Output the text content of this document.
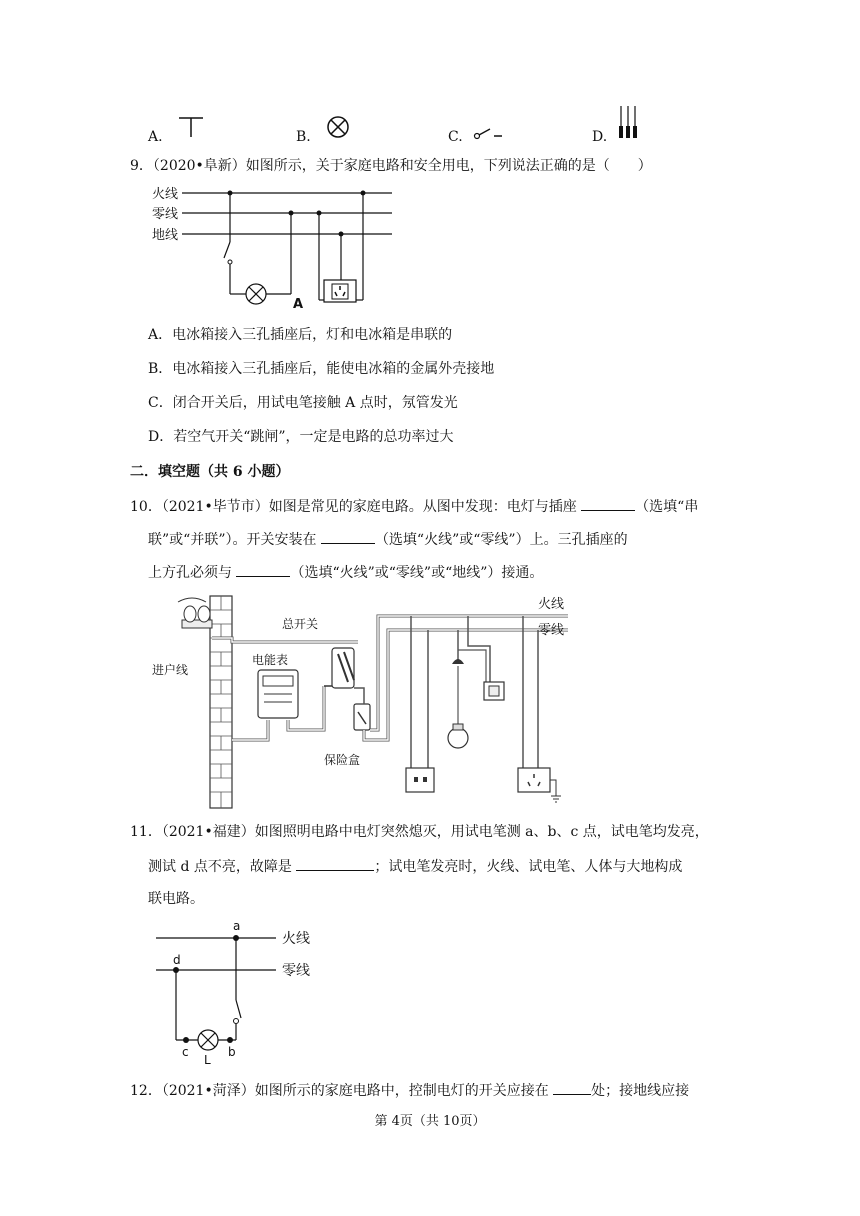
A.	B.	C.	D.
9．（2020•阜新）如图所示，关于家庭电路和安全用电，下列说法正确的是（　　）
火线
零线
地线
A
A．电冰箱接入三孔插座后，灯和电冰箱是串联的
B．电冰箱接入三孔插座后，能使电冰箱的金属外壳接地
C．闭合开关后，用试电笔接触 A 点时，氖管发光
D．若空气开关“跳闸”，一定是电路的总功率过大
二．填空题（共 6 小题）
10．（2021•毕节市）如图是常见的家庭电路。从图中发现：电灯与插座	（选填“串
联”或“并联”）。开关安装在	（选填“火线”或“零线”）上。三孔插座的
上方孔必须与	（选填“火线”或“零线”或“地线”）接通。
进户线
电能表
总开关
保险盒
火线
零线
11．（2021•福建）如图照明电路中电灯突然熄灭，用试电笔测 a、b、c 点，试电笔均发亮，
测试 d 点不亮，故障是	；试电笔发亮时，火线、试电笔、人体与大地构成
联电路。
火线
零线
a
d
c	b
L
12．（2021•菏泽）如图所示的家庭电路中，控制电灯的开关应接在	处；接地线应接
第 4页（共 10页）
